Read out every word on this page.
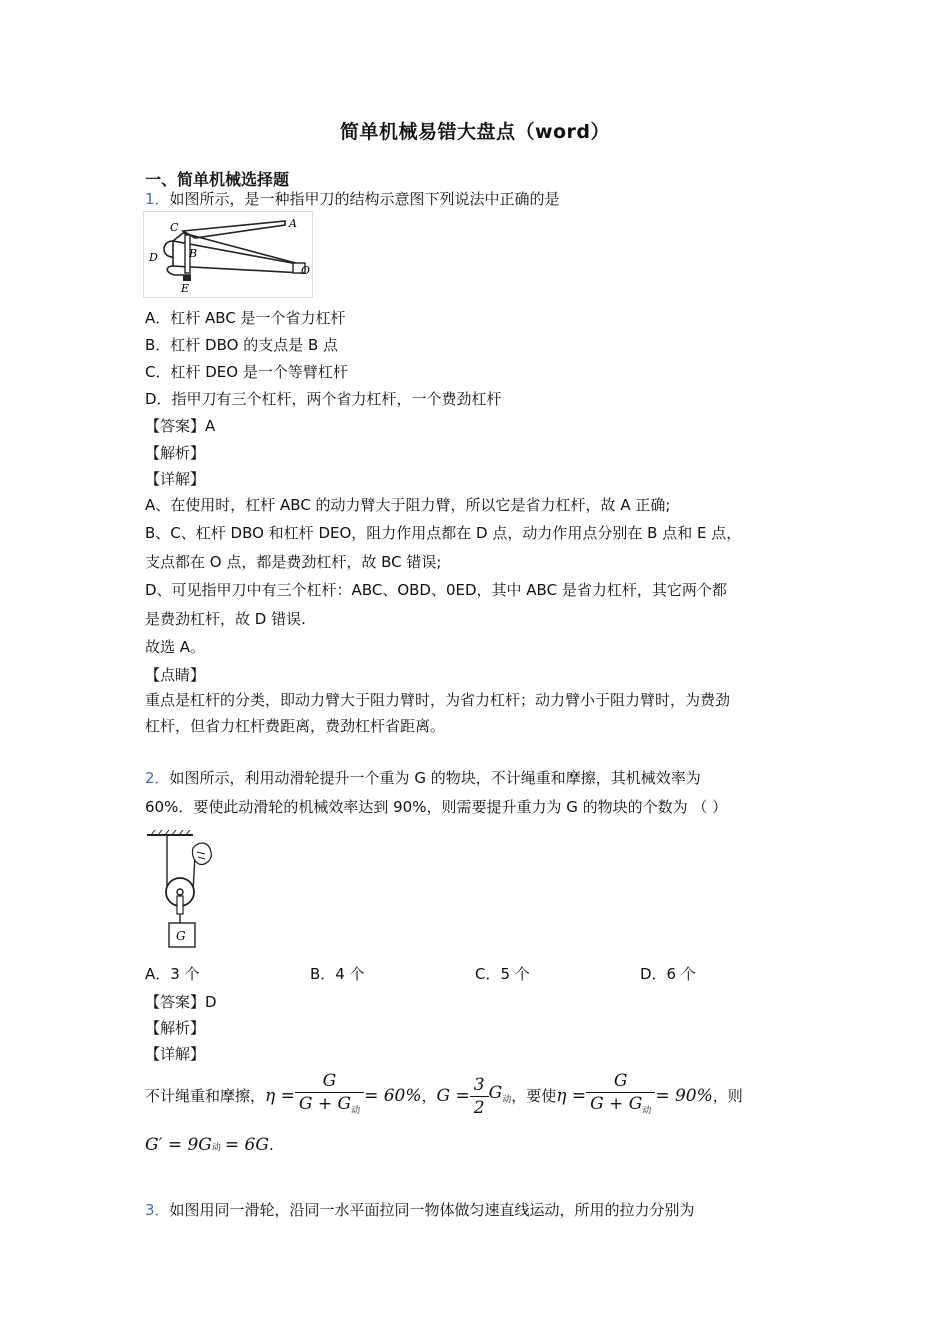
简单机械易错大盘点（word）
一、简单机械选择题
1．如图所示，是一种指甲刀的结构示意图下列说法中正确的是
A
B
C
D
E
O
A．杠杆 ABC 是一个省力杠杆
B．杠杆 DBO 的支点是 B 点
C．杠杆 DEO 是一个等臂杠杆
D．指甲刀有三个杠杆，两个省力杠杆，一个费劲杠杆
【答案】A
【解析】
【详解】
A、在使用时，杠杆 ABC 的动力臂大于阻力臂，所以它是省力杠杆，故 A 正确;
B、C、杠杆 DBO 和杠杆 DEO，阻力作用点都在 D 点，动力作用点分别在 B 点和 E 点，
支点都在 O 点，都是费劲杠杆，故 BC 错误;
D、可见指甲刀中有三个杠杆：ABC、OBD、0ED，其中 ABC 是省力杠杆，其它两个都
是费劲杠杆，故 D 错误.
故选 A。
【点睛】
重点是杠杆的分类，即动力臂大于阻力臂时，为省力杠杆；动力臂小于阻力臂时，为费劲
杠杆，但省力杠杆费距离，费劲杠杆省距离。
2．如图所示，利用动滑轮提升一个重为 G 的物块，不计绳重和摩擦，其机械效率为
60%．要使此动滑轮的机械效率达到 90%，则需要提升重力为 G 的物块的个数为 （ ）
G
A．3 个	B．4 个	C．5 个	D．6 个
【答案】D
【解析】
【详解】
不计绳重和摩擦， $\eta = \frac{G}{G + G_动} = 60\%$ ， $G = \frac{3}{2} G_动$ ，要使 $\eta = \frac{G}{G + G_动} = 90\%$ ，则
G′ = 9G 动 = 6G .
3．如图用同一滑轮，沿同一水平面拉同一物体做匀速直线运动，所用的拉力分别为
